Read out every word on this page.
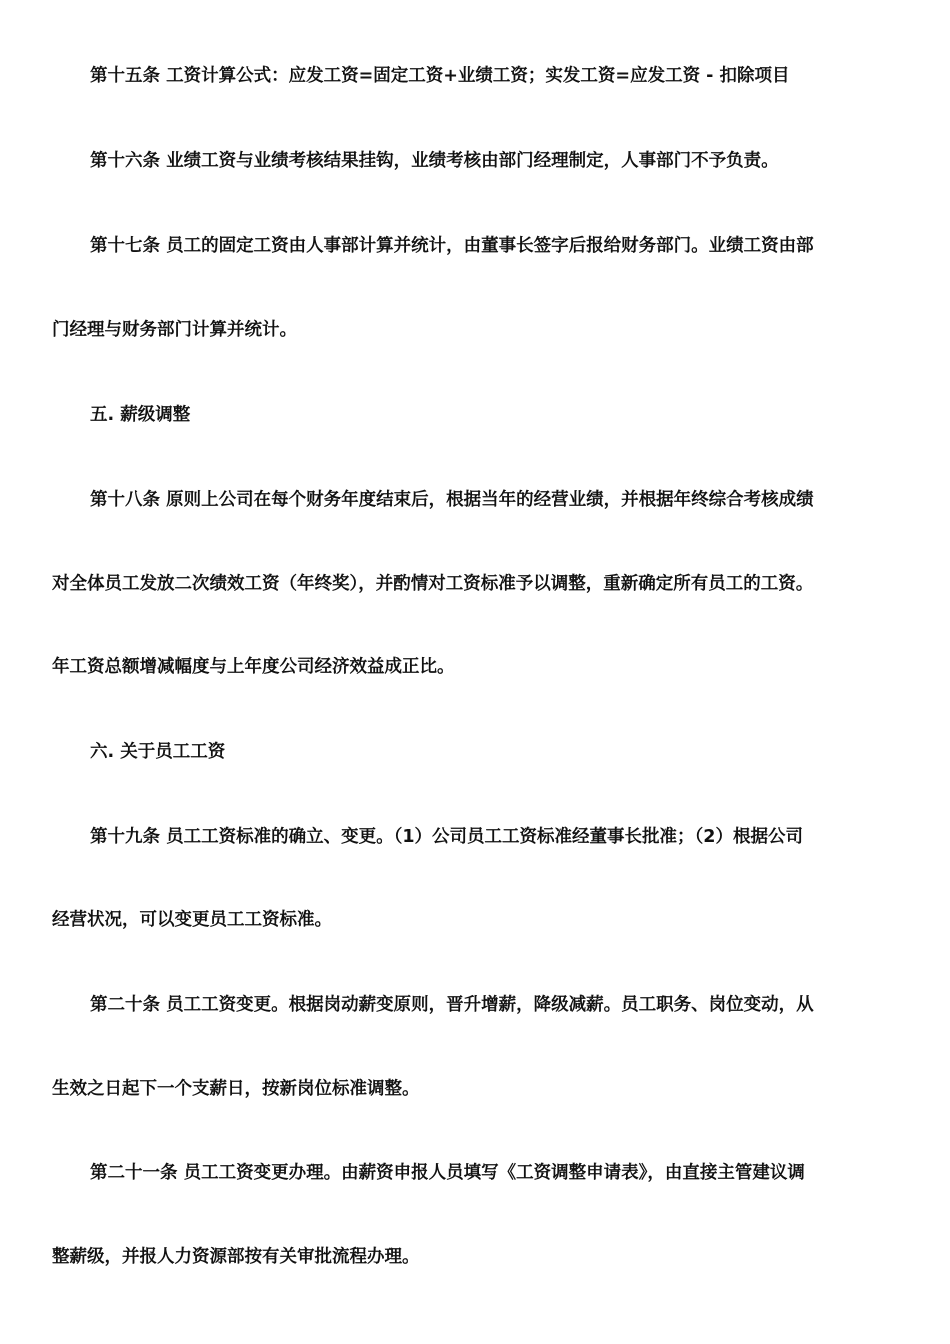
第十五条 工资计算公式：应发工资=固定工资+业绩工资；实发工资=应发工资 - 扣除项目
第十六条 业绩工资与业绩考核结果挂钩，业绩考核由部门经理制定，人事部门不予负责。
第十七条 员工的固定工资由人事部计算并统计，由董事长签字后报给财务部门。业绩工资由部
门经理与财务部门计算并统计。
五. 薪级调整
第十八条 原则上公司在每个财务年度结束后，根据当年的经营业绩，并根据年终综合考核成绩
对全体员工发放二次绩效工资（年终奖），并酌情对工资标准予以调整，重新确定所有员工的工资。
年工资总额增减幅度与上年度公司经济效益成正比。
六. 关于员工工资
第十九条 员工工资标准的确立、变更。（1）公司员工工资标准经董事长批准；（2）根据公司
经营状况，可以变更员工工资标准。
第二十条 员工工资变更。根据岗动薪变原则，晋升增薪，降级减薪。员工职务、岗位变动，从
生效之日起下一个支薪日，按新岗位标准调整。
第二十一条 员工工资变更办理。由薪资申报人员填写《工资调整申请表》，由直接主管建议调
整薪级，并报人力资源部按有关审批流程办理。
